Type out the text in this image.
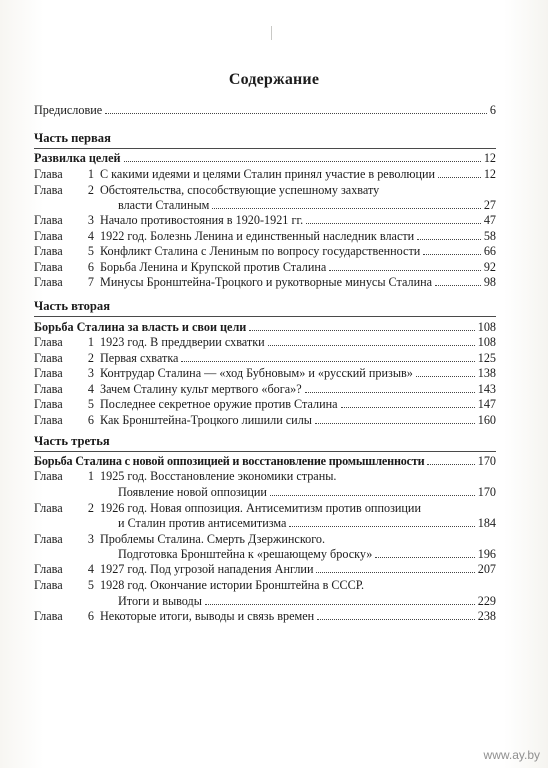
Содержание
Предисловие	6
Часть первая
Развилка целей	12
Глава	1 С какими идеями и целями Сталин принял участие в революции	12
Глава	2 Обстоятельства, способствующие успешному захвату
власти Сталиным	27
Глава	3 Начало противостояния в 1920-1921 гг.	47
Глава	4 1922 год. Болезнь Ленина и единственный наследник власти	58
Глава	5 Конфликт Сталина с Лениным по вопросу государственности	66
Глава	6 Борьба Ленина и Крупской против Сталина	92
Глава	7 Минусы Бронштейна-Троцкого и рукотворные минусы Сталина	98
Часть вторая
Борьба Сталина за власть и свои цели	108
Глава	1 1923 год. В преддверии схватки	108
Глава	2 Первая схватка	125
Глава	3 Контрудар Сталина — «ход Бубновым» и «русский призыв»	138
Глава	4 Зачем Сталину культ мертвого «бога»?	143
Глава	5 Последнее секретное оружие против Сталина	147
Глава	6 Как Бронштейна-Троцкого лишили силы	160
Часть третья
Борьба Сталина с новой оппозицией и восстановление промышленности	170
Глава	1 1925 год. Восстановление экономики страны.
Появление новой оппозиции	170
Глава	2 1926 год. Новая оппозиция. Антисемитизм против оппозиции
и Сталин против антисемитизма	184
Глава	3 Проблемы Сталина. Смерть Дзержинского.
Подготовка Бронштейна к «решающему броску»	196
Глава	4 1927 год. Под угрозой нападения Англии	207
Глава	5 1928 год. Окончание истории Бронштейна в СССР.
Итоги и выводы	229
Глава	6 Некоторые итоги, выводы и связь времен	238
www.ay.by
